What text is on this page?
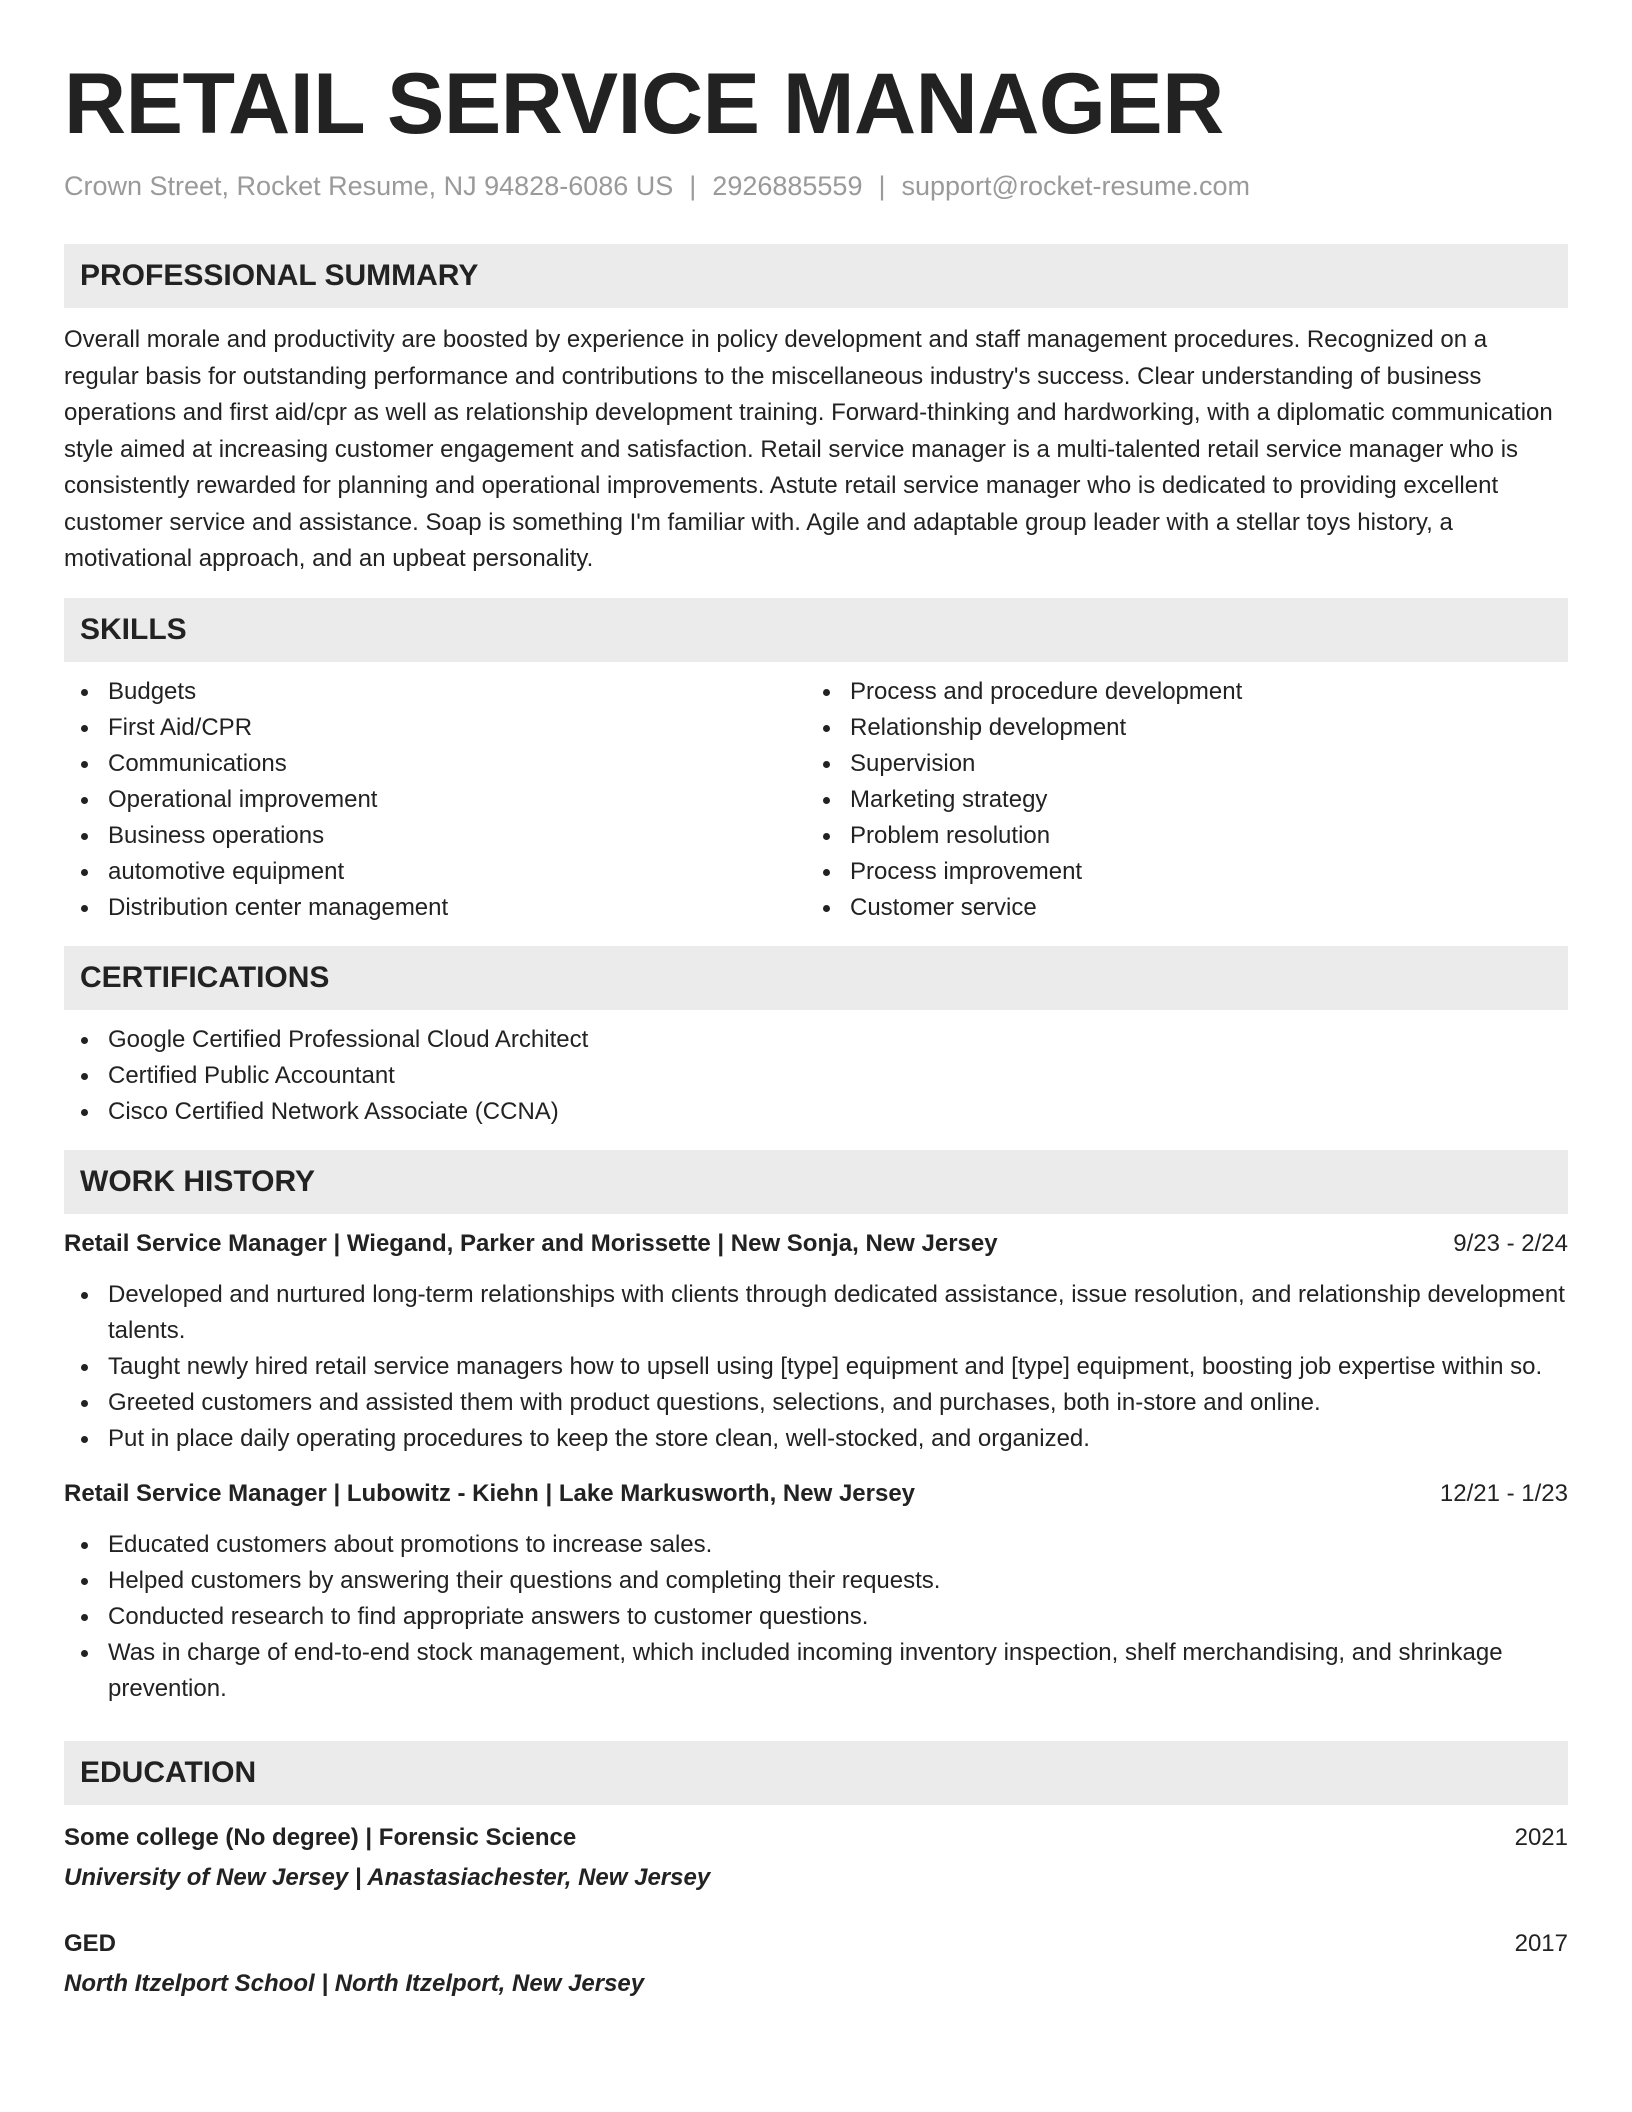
RETAIL SERVICE MANAGER
Crown Street, Rocket Resume, NJ 94828-6086 US | 2926885559 | support@rocket-resume.com
PROFESSIONAL SUMMARY

Overall morale and productivity are boosted by experience in policy development and staff management procedures. Recognized on a regular basis for outstanding performance and contributions to the miscellaneous industry's success. Clear understanding of business operations and first aid/cpr as well as relationship development training. Forward-thinking and hardworking, with a diplomatic communication style aimed at increasing customer engagement and satisfaction. Retail service manager is a multi-talented retail service manager who is consistently rewarded for planning and operational improvements. Astute retail service manager who is dedicated to providing excellent customer service and assistance. Soap is something I'm familiar with. Agile and adaptable group leader with a stellar toys history, a motivational approach, and an upbeat personality.

SKILLS
Budgets
First Aid/CPR
Communications
Operational improvement
Business operations
automotive equipment
Distribution center management
Process and procedure development
Relationship development
Supervision
Marketing strategy
Problem resolution
Process improvement
Customer service
CERTIFICATIONS
Google Certified Professional Cloud Architect
Certified Public Accountant
Cisco Certified Network Associate (CCNA)
WORK HISTORY
Retail Service Manager | Wiegand, Parker and Morissette | New Sonja, New Jersey	9/23 - 2/24
Developed and nurtured long-term relationships with clients through dedicated assistance, issue resolution, and relationship development talents.
Taught newly hired retail service managers how to upsell using [type] equipment and [type] equipment, boosting job expertise within so.
Greeted customers and assisted them with product questions, selections, and purchases, both in-store and online.
Put in place daily operating procedures to keep the store clean, well-stocked, and organized.
Retail Service Manager | Lubowitz - Kiehn | Lake Markusworth, New Jersey	12/21 - 1/23
Educated customers about promotions to increase sales.
Helped customers by answering their questions and completing their requests.
Conducted research to find appropriate answers to customer questions.
Was in charge of end-to-end stock management, which included incoming inventory inspection, shelf merchandising, and shrinkage prevention.
EDUCATION
Some college (No degree) | Forensic Science	2021
University of New Jersey | Anastasiachester, New Jersey
GED	2017
North Itzelport School | North Itzelport, New Jersey
